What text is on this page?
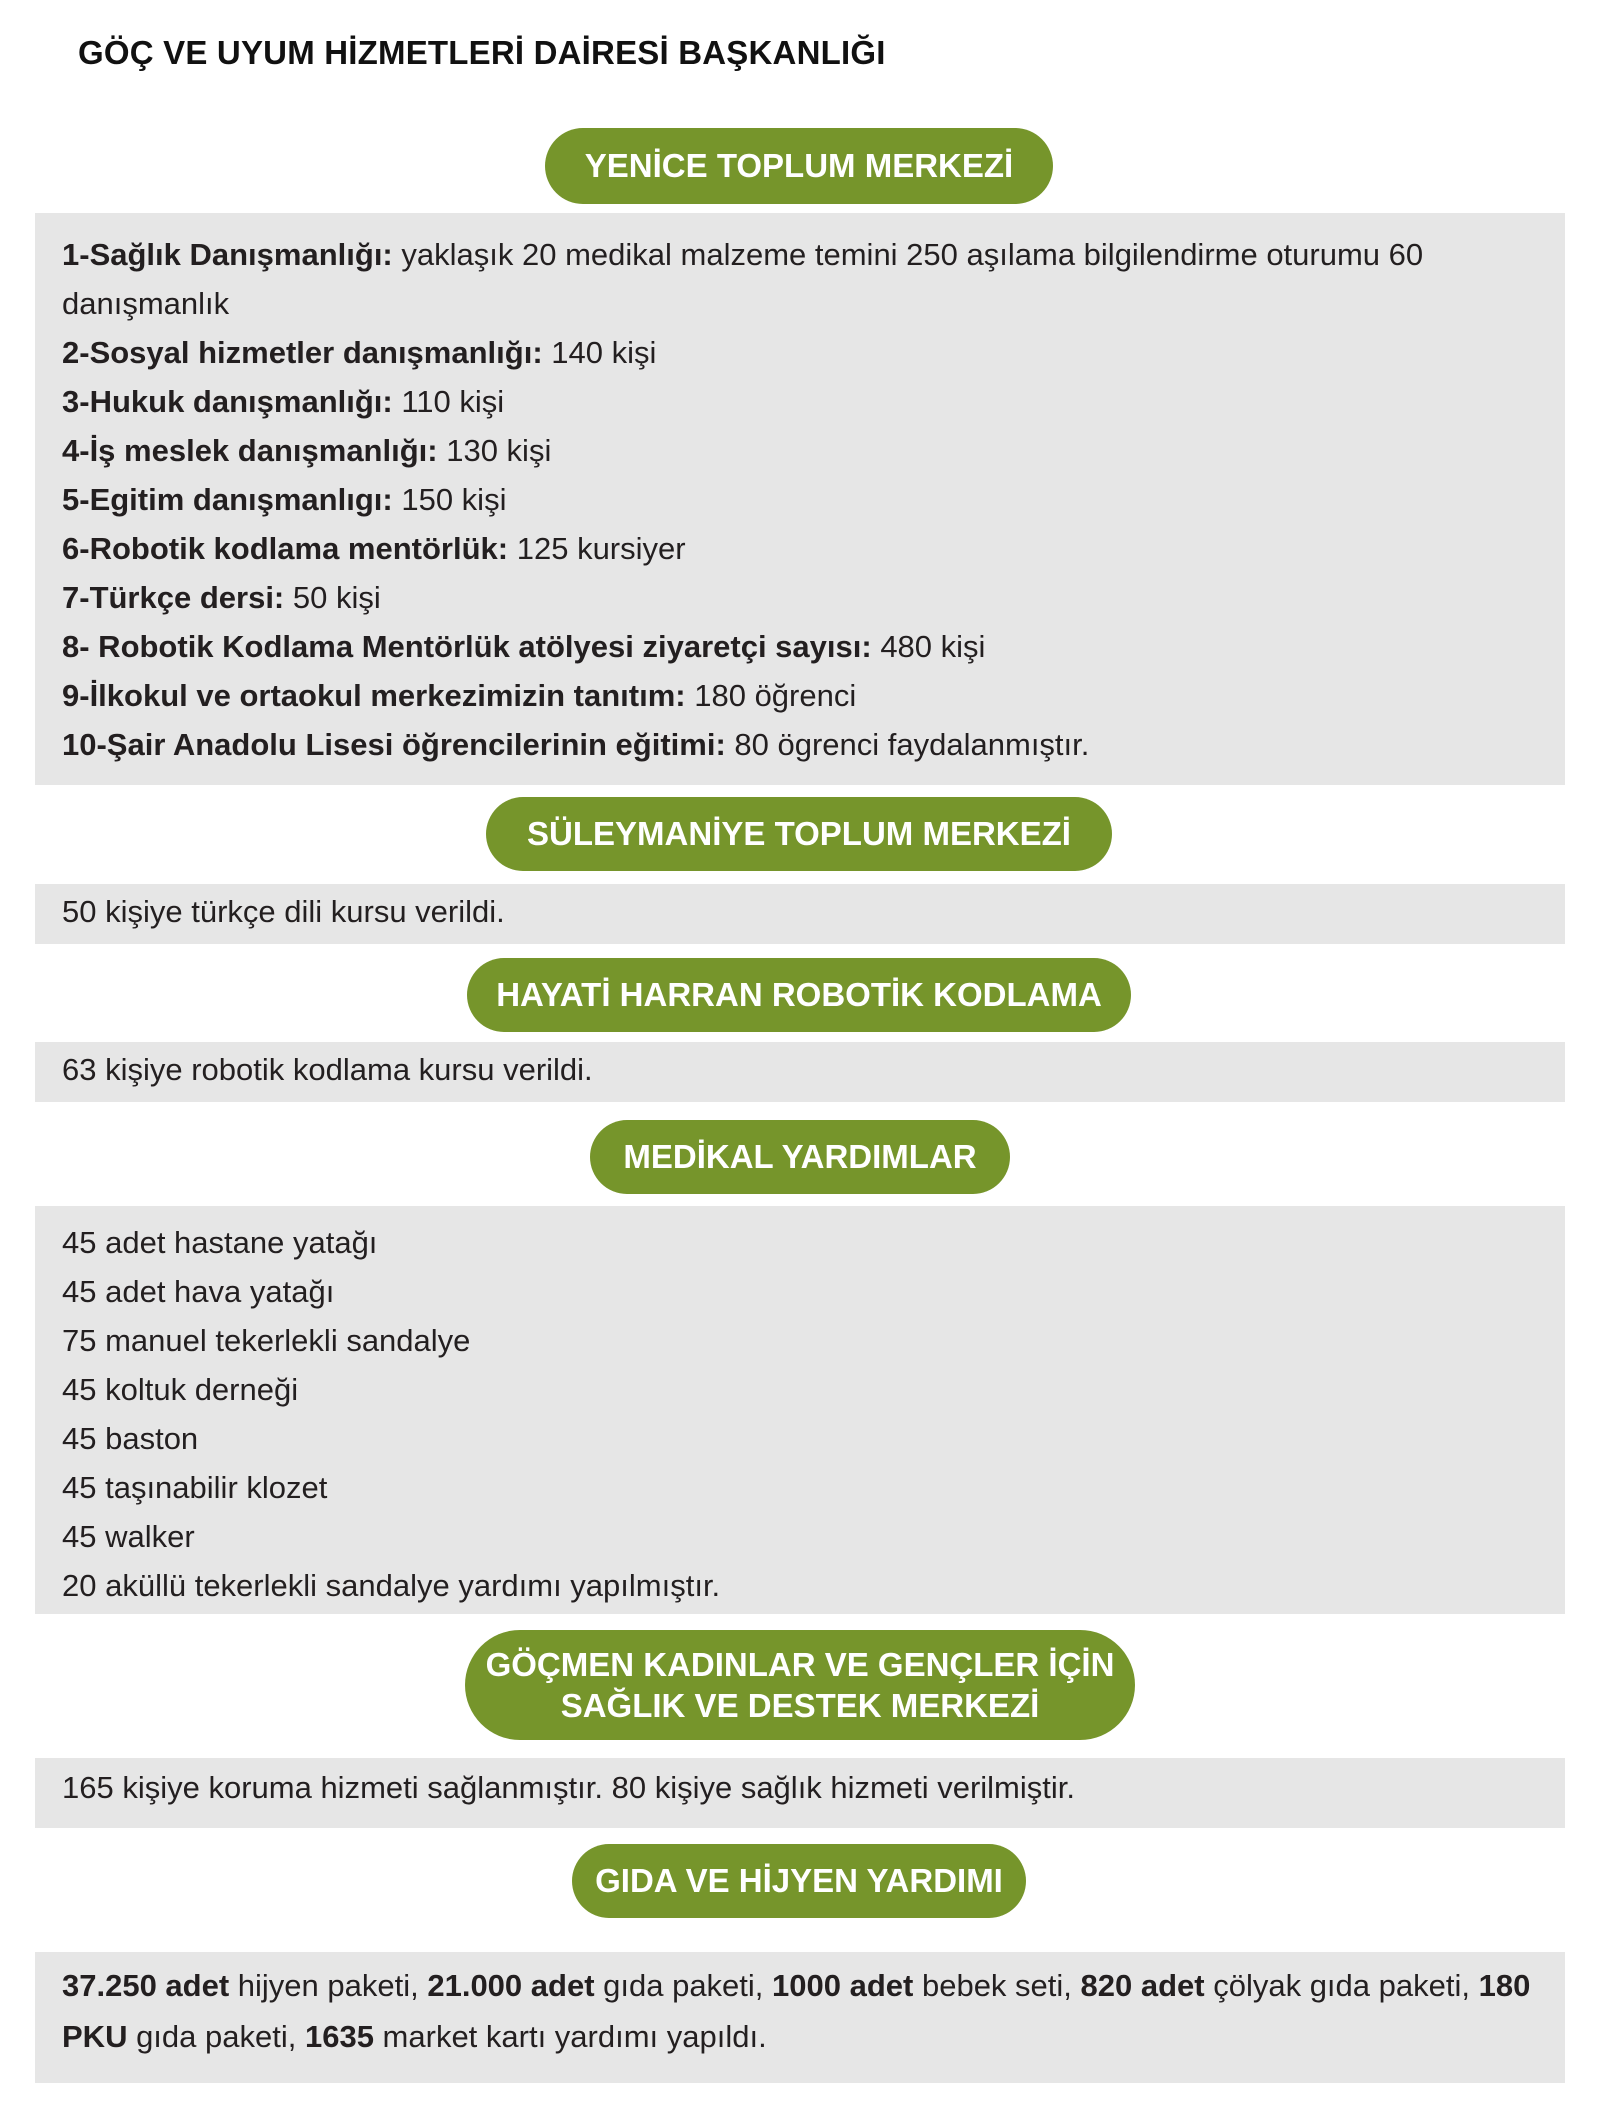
GÖÇ VE UYUM HİZMETLERİ DAİRESİ BAŞKANLIĞI
YENİCE TOPLUM MERKEZİ
1-Sağlık Danışmanlığı: yaklaşık 20 medikal malzeme temini 250 aşılama bilgilendirme oturumu 60 danışmanlık
2-Sosyal hizmetler danışmanlığı: 140 kişi
3-Hukuk danışmanlığı: 110 kişi
4-İş meslek danışmanlığı: 130 kişi
5-Egitim danışmanlıgı: 150 kişi
6-Robotik kodlama mentörlük: 125 kursiyer
7-Türkçe dersi: 50 kişi
8- Robotik Kodlama Mentörlük atölyesi ziyaretçi sayısı: 480 kişi
9-İlkokul ve ortaokul merkezimizin tanıtım: 180 öğrenci
10-Şair Anadolu Lisesi öğrencilerinin eğitimi: 80 ögrenci faydalanmıştır.
SÜLEYMANİYE TOPLUM MERKEZİ
50 kişiye türkçe dili kursu verildi.
HAYATİ HARRAN ROBOTİK KODLAMA
63 kişiye robotik kodlama kursu verildi.
MEDİKAL YARDIMLAR
45 adet hastane yatağı
45 adet hava yatağı
75 manuel tekerlekli sandalye
45 koltuk derneği
45 baston
45 taşınabilir klozet
45 walker
20 aküllü tekerlekli sandalye yardımı yapılmıştır.
GÖÇMEN KADINLAR VE GENÇLER İÇİN
SAĞLIK VE DESTEK MERKEZİ
165 kişiye koruma hizmeti sağlanmıştır. 80 kişiye sağlık hizmeti verilmiştir.
GIDA VE HİJYEN YARDIMI
37.250 adet hijyen paketi, 21.000 adet gıda paketi, 1000 adet bebek seti, 820 adet çölyak gıda paketi, 180 PKU gıda paketi, 1635 market kartı yardımı yapıldı.
